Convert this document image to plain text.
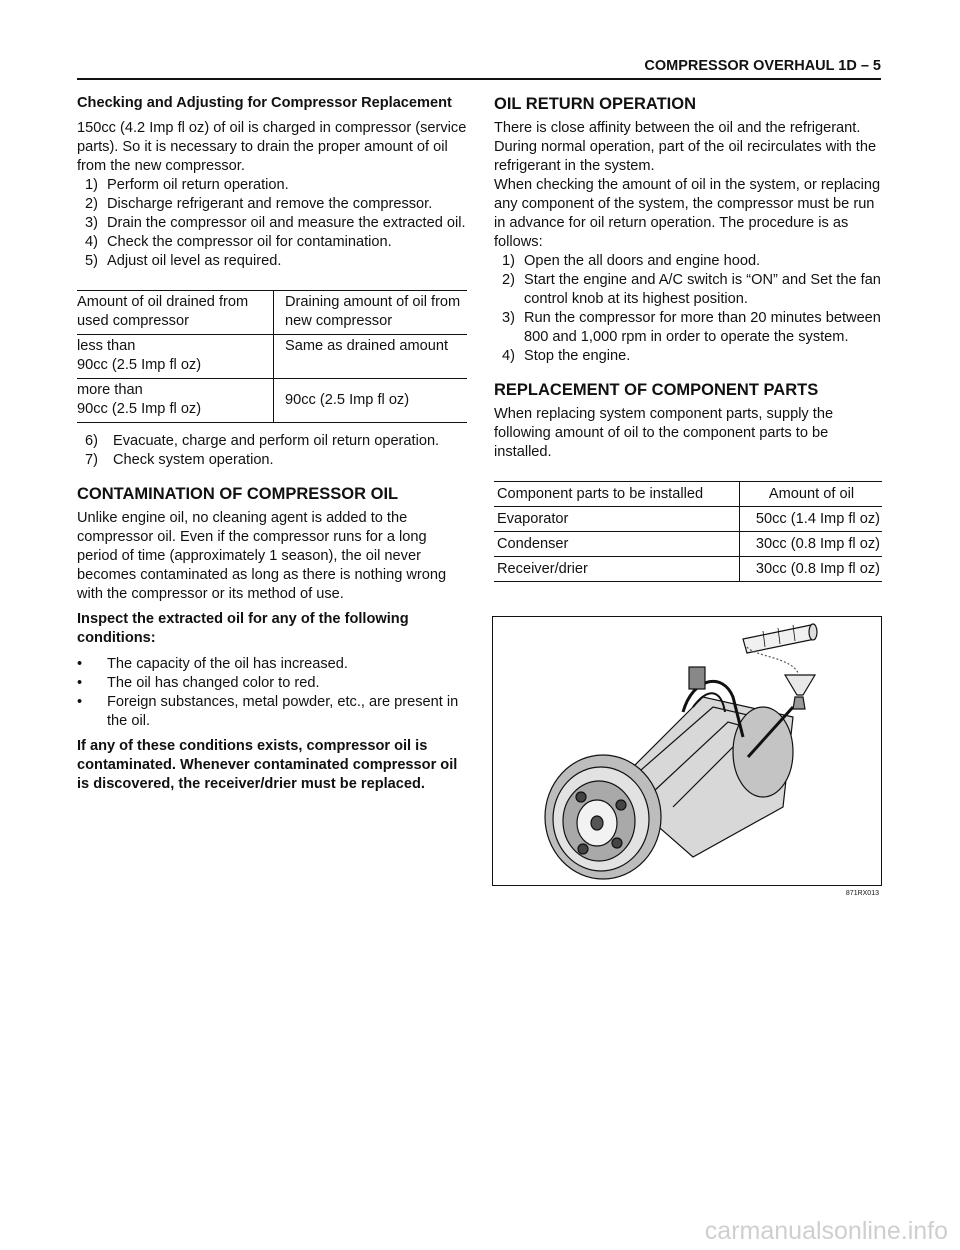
COMPRESSOR OVERHAUL 1D – 5

Checking and Adjusting for Compressor Replacement

150cc (4.2 Imp fl oz) of oil is charged in compressor (service parts). So it is necessary to drain the proper amount of oil from the new compressor.

1) Perform oil return operation.
2) Discharge refrigerant and remove the compressor.
3) Drain the compressor oil and measure the extracted oil.
4) Check the compressor oil for contamination.
5) Adjust oil level as required.
Amount of oil drained from used compressor	Draining amount of oil from new compressor
less than
90cc (2.5 Imp fl oz)	Same as drained amount
more than
90cc (2.5 Imp fl oz)	90cc (2.5 Imp fl oz)
6)	Evacuate, charge and perform oil return operation.
7)	Check system operation.

CONTAMINATION OF COMPRESSOR OIL

Unlike engine oil, no cleaning agent is added to the compressor oil. Even if the compressor runs for a long period of time (approximately 1 season), the oil never becomes contaminated as long as there is nothing wrong with the compressor or its method of use.

Inspect the extracted oil for any of the following conditions:

•	The capacity of the oil has increased.
•	The oil has changed color to red.
•	Foreign substances, metal powder, etc., are present in the oil.

If any of these conditions exists, compressor oil is contaminated. Whenever contaminated compressor oil is discovered, the receiver/drier must be replaced.

OIL RETURN OPERATION

There is close affinity between the oil and the refrigerant. During normal operation, part of the oil recirculates with the refrigerant in the system.
When checking the amount of oil in the system, or replacing any component of the system, the compressor must be run in advance for oil return operation. The procedure is as follows:

1) Open the all doors and engine hood.
2) Start the engine and A/C switch is “ON” and Set the fan control knob at its highest position.
3) Run the compressor for more than 20 minutes between 800 and 1,000 rpm in order to operate the system.
4) Stop the engine.

REPLACEMENT OF COMPONENT PARTS

When replacing system component parts, supply the following amount of oil to the component parts to be installed.

Component parts to be installed	Amount of oil
Evaporator	50cc (1.4 Imp fl oz)
Condenser	30cc (0.8 Imp fl oz)
Receiver/drier	30cc (0.8 Imp fl oz)
871RX013
carmanualsonline.info
